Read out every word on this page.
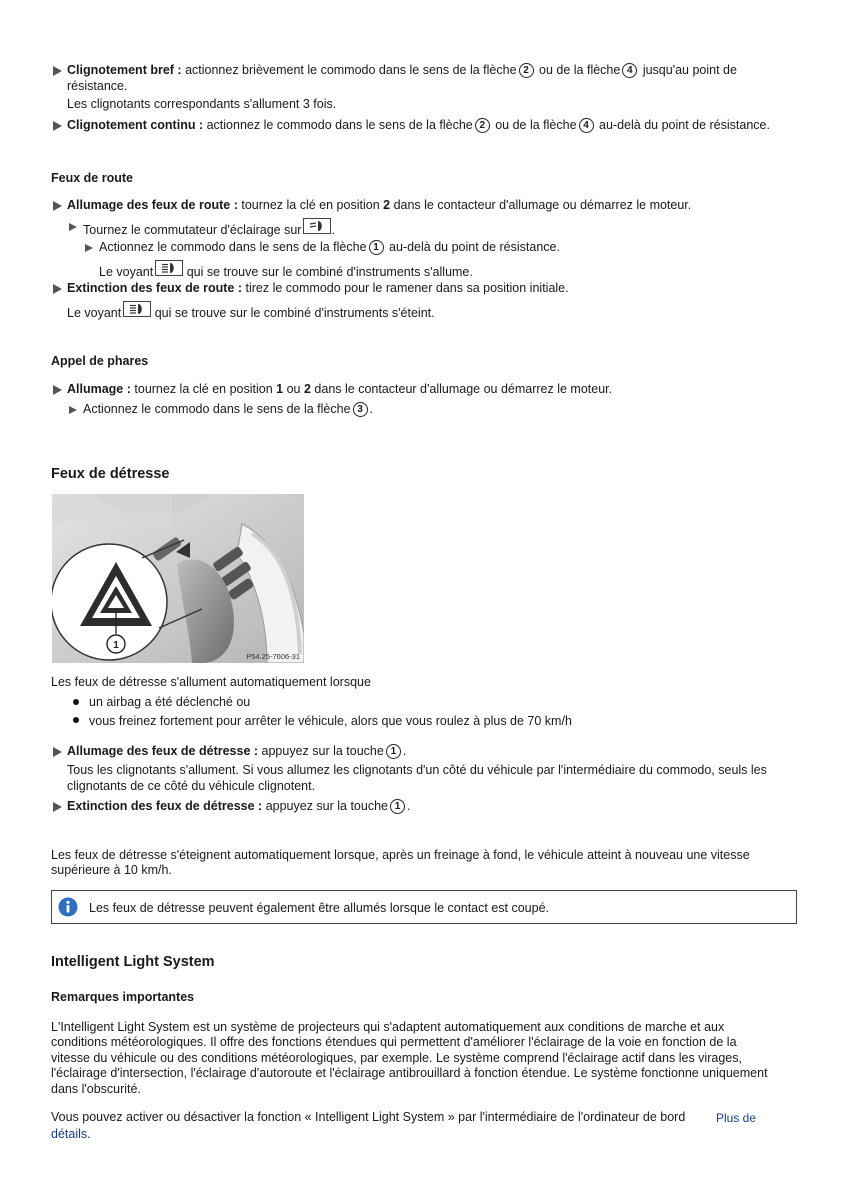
Clignotement bref : actionnez brièvement le commodo dans le sens de la flèche 2 ou de la flèche 4 jusqu'au point de
résistance.
Les clignotants correspondants s'allument 3 fois.
Clignotement continu : actionnez le commodo dans le sens de la flèche 2 ou de la flèche 4 au-delà du point de résistance.
Feux de route
Allumage des feux de route : tournez la clé en position 2 dans le contacteur d'allumage ou démarrez le moteur.
Tournez le commutateur d'éclairage sur .
Actionnez le commodo dans le sens de la flèche 1 au-delà du point de résistance.
Le voyant	qui se trouve sur le combiné d'instruments s'allume.
Extinction des feux de route : tirez le commodo pour le ramener dans sa position initiale.
Le voyant	qui se trouve sur le combiné d'instruments s'éteint.
Appel de phares
Allumage : tournez la clé en position 1 ou 2 dans le contacteur d'allumage ou démarrez le moteur.
Actionnez le commodo dans le sens de la flèche 3 .
Feux de détresse
1
P54.25-7606-31
Les feux de détresse s'allument automatiquement lorsque
un airbag a été déclenché ou
vous freinez fortement pour arrêter le véhicule, alors que vous roulez à plus de 70 km/h
Allumage des feux de détresse : appuyez sur la touche 1 .
Tous les clignotants s'allument. Si vous allumez les clignotants d'un côté du véhicule par l'intermédiaire du commodo, seuls les
clignotants de ce côté du véhicule clignotent.
Extinction des feux de détresse : appuyez sur la touche 1 .
Les feux de détresse s'éteignent automatiquement lorsque, après un freinage à fond, le véhicule atteint à nouveau une vitesse
supérieure à 10 km/h.
Les feux de détresse peuvent également être allumés lorsque le contact est coupé.
Intelligent Light System
Remarques importantes
L'Intelligent Light System est un système de projecteurs qui s'adaptent automatiquement aux conditions de marche et aux
conditions météorologiques. Il offre des fonctions étendues qui permettent d'améliorer l'éclairage de la voie en fonction de la
vitesse du véhicule ou des conditions météorologiques, par exemple. Le système comprend l'éclairage actif dans les virages,
l'éclairage d'intersection, l'éclairage d'autoroute et l'éclairage antibrouillard à fonction étendue. Le système fonctionne uniquement
dans l'obscurité.
Vous pouvez activer ou désactiver la fonction « Intelligent Light System » par l'intermédiaire de l'ordinateur de bord	Plus de
détails.
